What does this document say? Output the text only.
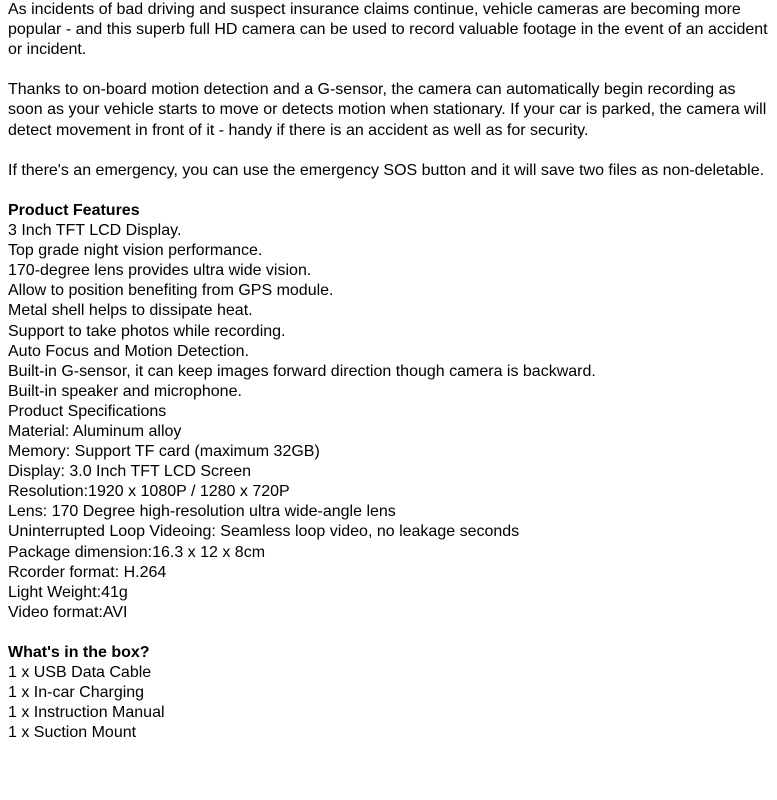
As incidents of bad driving and suspect insurance claims continue, vehicle cameras are becoming more popular - and this superb full HD camera can be used to record valuable footage in the event of an accident or incident.

Thanks to on-board motion detection and a G-sensor, the camera can automatically begin recording as soon as your vehicle starts to move or detects motion when stationary. If your car is parked, the camera will detect movement in front of it - handy if there is an accident as well as for security.

If there's an emergency, you can use the emergency SOS button and it will save two files as non-deletable.

Product Features

3 Inch TFT LCD Display.

Top grade night vision performance.

170-degree lens provides ultra wide vision.

Allow to position benefiting from GPS module.

Metal shell helps to dissipate heat.

Support to take photos while recording.

Auto Focus and Motion Detection.

Built-in G-sensor, it can keep images forward direction though camera is backward.

Built-in speaker and microphone.

Product Specifications

Material: Aluminum alloy

Memory: Support TF card (maximum 32GB)

Display: 3.0 Inch TFT LCD Screen

Resolution:1920 x 1080P / 1280 x 720P

Lens: 170 Degree high-resolution ultra wide-angle lens

Uninterrupted Loop Videoing: Seamless loop video, no leakage seconds

Package dimension:16.3 x 12 x 8cm

Rcorder format: H.264

Light Weight:41g

Video format:AVI

What's in the box?

1 x USB Data Cable

1 x In-car Charging

1 x Instruction Manual

1 x Suction Mount
